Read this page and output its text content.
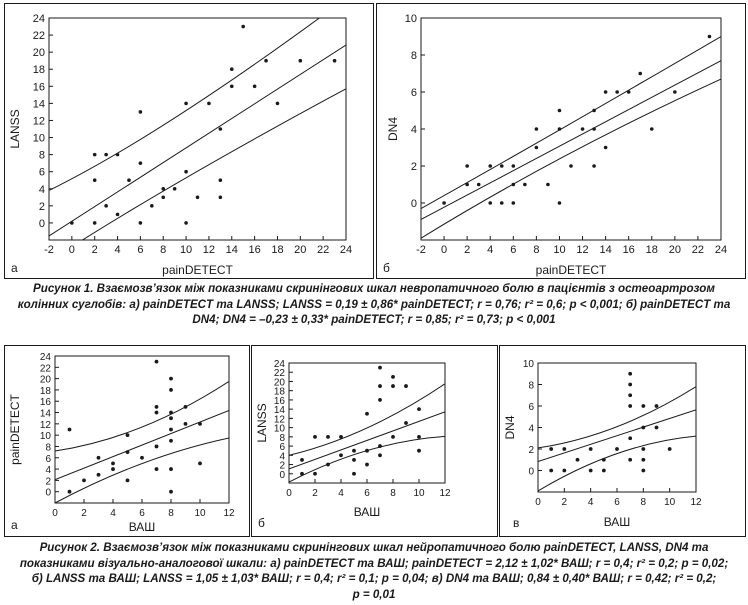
-2 0 2 4 6 8 10 12 14 16 18 20 22 24
0
2
4
6
8
10
12
14
16
18
20
22
24
painDETECT
LANSS
а
-2 0 2 4 6 8 10 12 14 16 18 20 22 24
0
2
4
6
8
10
painDETECT
DN4
б
Рисунок 1. Взаємозв’язок між показниками скринінгових шкал невропатичного болю в пацієнтів з остеоартрозом
колінних суглобів: а) painDETECT та LANSS; LANSS = 0,19 ± 0,86* painDETECT; r = 0,76; r² = 0,6; p < 0,001; б) painDETECT та
DN4; DN4 = –0,23 ± 0,33* painDETECT; r = 0,85; r² = 0,73; p < 0,001
0 2 4 6 8 10 12
0
2
4
6
8
10
12
14
16
18
20
22
24
ВАШ
painDETECT
а
0 2 4 6 8 10 12
0
2
4
6
8
10
12
14
16
18
20
22
24
ВАШ
LANSS
б
0 2 4 6 8 10 12
0
2
4
6
8
10
ВАШ
DN4
в
Рисунок 2. Взаємозв’язок між показниками скринінгових шкал нейропатичного болю painDETECT, LANSS, DN4 та
показниками візуально-аналогової шкали: а) painDETECT та ВАШ; painDETECT = 2,12 ± 1,02* ВАШ; r = 0,4; r² = 0,2; p = 0,02;
б) LANSS та ВАШ; LANSS = 1,05 ± 1,03* ВАШ; r = 0,4; r² = 0,1; p = 0,04; в) DN4 та ВАШ; 0,84 ± 0,40* ВАШ; r = 0,42; r² = 0,2;
p = 0,01
